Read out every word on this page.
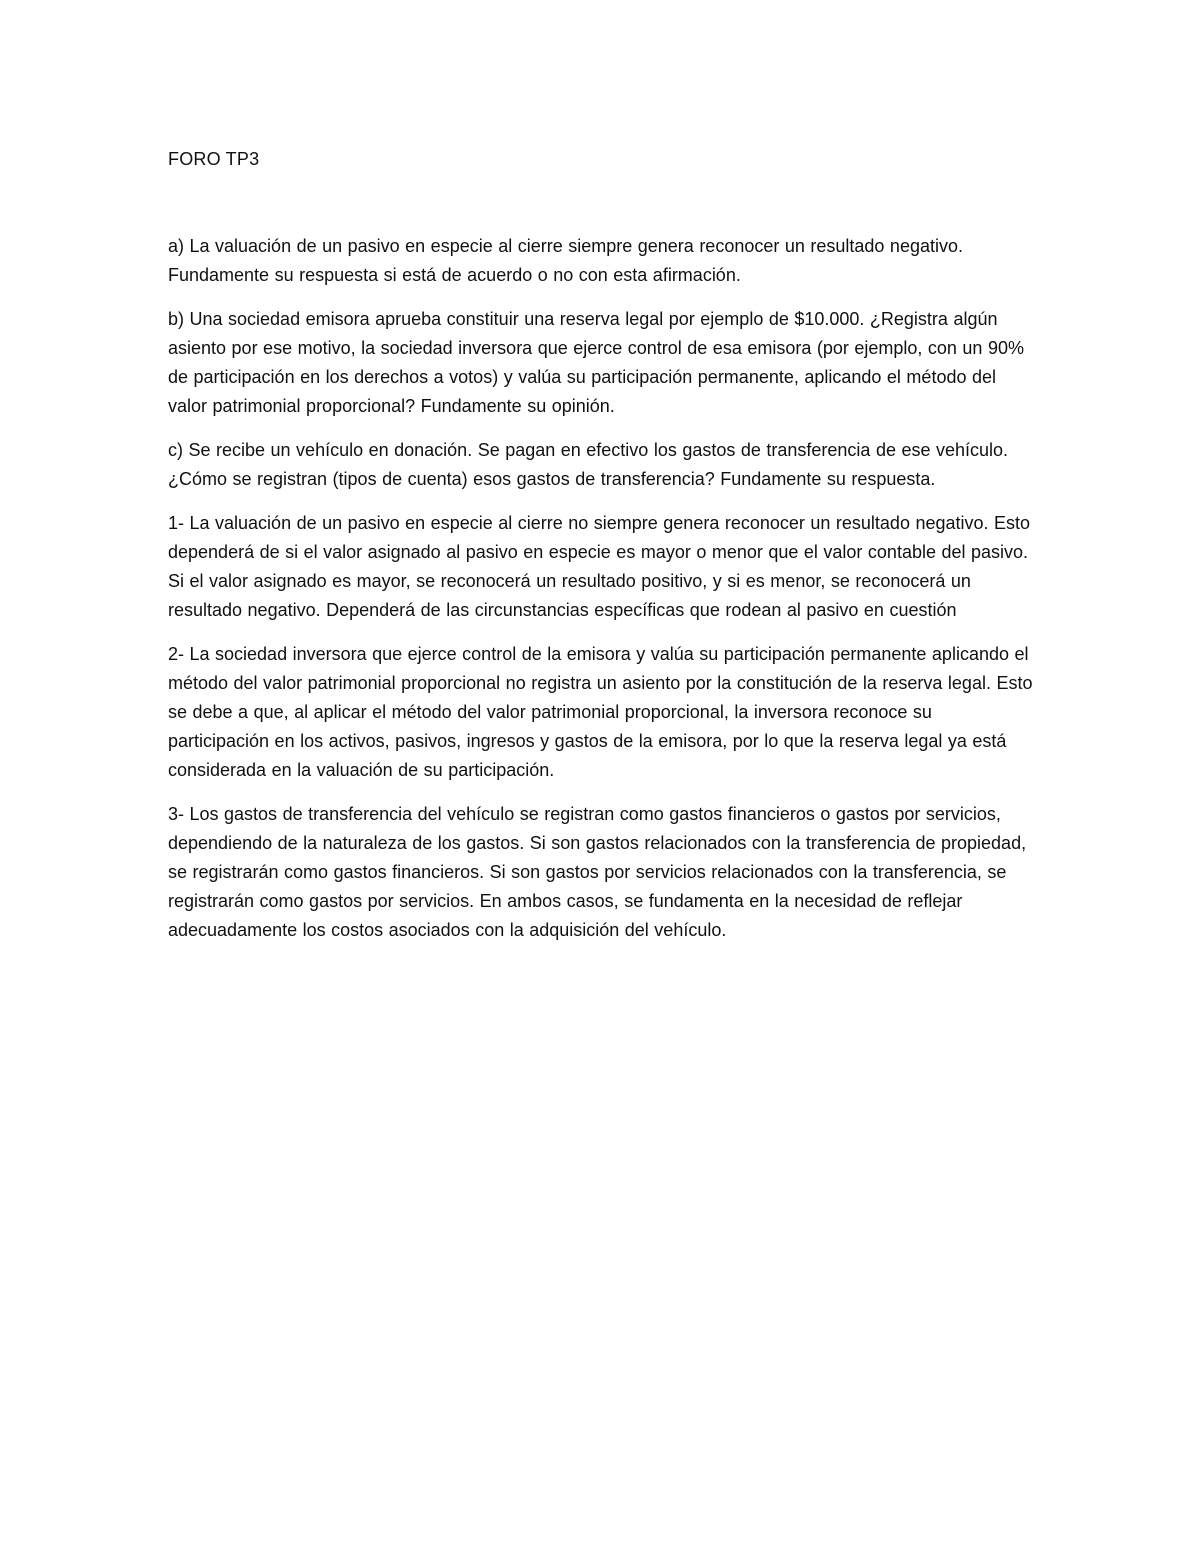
FORO TP3

a) La valuación de un pasivo en especie al cierre siempre genera reconocer un resultado negativo. Fundamente su respuesta si está de acuerdo o no con esta afirmación.

b) Una sociedad emisora aprueba constituir una reserva legal por ejemplo de $10.000. ¿Registra algún asiento por ese motivo, la sociedad inversora que ejerce control de esa emisora (por ejemplo, con un 90% de participación en los derechos a votos) y valúa su participación permanente, aplicando el método del valor patrimonial proporcional? Fundamente su opinión.

c) Se recibe un vehículo en donación. Se pagan en efectivo los gastos de transferencia de ese vehículo. ¿Cómo se registran (tipos de cuenta) esos gastos de transferencia? Fundamente su respuesta.

1- La valuación de un pasivo en especie al cierre no siempre genera reconocer un resultado negativo. Esto dependerá de si el valor asignado al pasivo en especie es mayor o menor que el valor contable del pasivo. Si el valor asignado es mayor, se reconocerá un resultado positivo, y si es menor, se reconocerá un resultado negativo. Dependerá de las circunstancias específicas que rodean al pasivo en cuestión

2- La sociedad inversora que ejerce control de la emisora y valúa su participación permanente aplicando el método del valor patrimonial proporcional no registra un asiento por la constitución de la reserva legal. Esto se debe a que, al aplicar el método del valor patrimonial proporcional, la inversora reconoce su participación en los activos, pasivos, ingresos y gastos de la emisora, por lo que la reserva legal ya está considerada en la valuación de su participación.

3- Los gastos de transferencia del vehículo se registran como gastos financieros o gastos por servicios, dependiendo de la naturaleza de los gastos. Si son gastos relacionados con la transferencia de propiedad, se registrarán como gastos financieros. Si son gastos por servicios relacionados con la transferencia, se registrarán como gastos por servicios. En ambos casos, se fundamenta en la necesidad de reflejar adecuadamente los costos asociados con la adquisición del vehículo.
